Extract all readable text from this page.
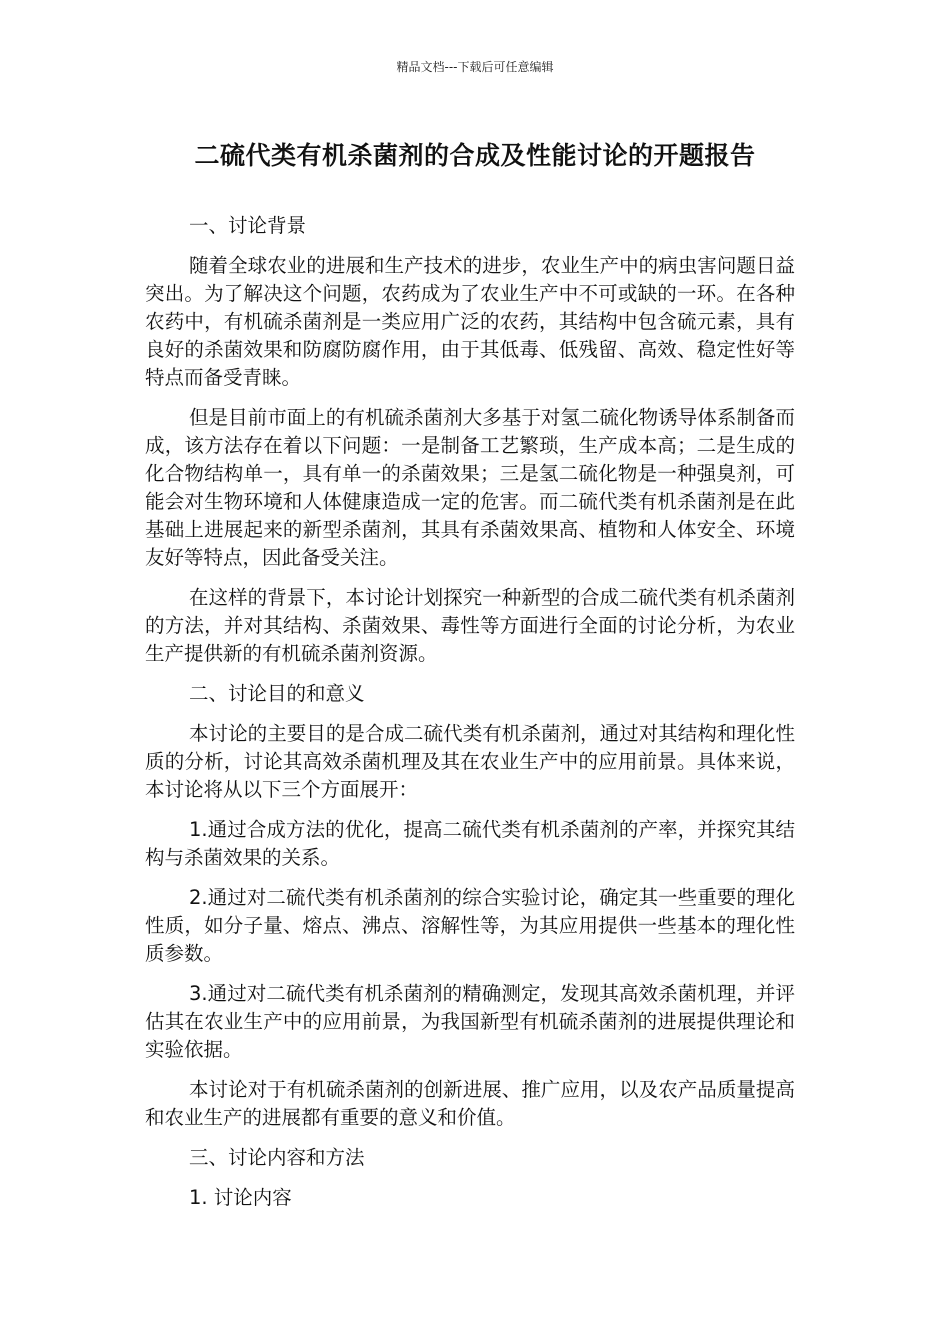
精品文档---下载后可任意编辑
二硫代类有机杀菌剂的合成及性能讨论的开题报告

一、讨论背景

随着全球农业的进展和生产技术的进步，农业生产中的病虫害问题日益突出。为了解决这个问题，农药成为了农业生产中不可或缺的一环。在各种农药中，有机硫杀菌剂是一类应用广泛的农药，其结构中包含硫元素，具有良好的杀菌效果和防腐防腐作用，由于其低毒、低残留、高效、稳定性好等特点而备受青睐。

但是目前市面上的有机硫杀菌剂大多基于对氢二硫化物诱导体系制备而成，该方法存在着以下问题：一是制备工艺繁琐，生产成本高；二是生成的化合物结构单一，具有单一的杀菌效果；三是氢二硫化物是一种强臭剂，可能会对生物环境和人体健康造成一定的危害。而二硫代类有机杀菌剂是在此基础上进展起来的新型杀菌剂，其具有杀菌效果高、植物和人体安全、环境友好等特点，因此备受关注。

在这样的背景下，本讨论计划探究一种新型的合成二硫代类有机杀菌剂的方法，并对其结构、杀菌效果、毒性等方面进行全面的讨论分析，为农业生产提供新的有机硫杀菌剂资源。

二、讨论目的和意义

本讨论的主要目的是合成二硫代类有机杀菌剂，通过对其结构和理化性质的分析，讨论其高效杀菌机理及其在农业生产中的应用前景。具体来说，本讨论将从以下三个方面展开：

1.通过合成方法的优化，提高二硫代类有机杀菌剂的产率，并探究其结构与杀菌效果的关系。

2.通过对二硫代类有机杀菌剂的综合实验讨论，确定其一些重要的理化性质，如分子量、熔点、沸点、溶解性等，为其应用提供一些基本的理化性质参数。

3.通过对二硫代类有机杀菌剂的精确测定，发现其高效杀菌机理，并评估其在农业生产中的应用前景，为我国新型有机硫杀菌剂的进展提供理论和实验依据。

本讨论对于有机硫杀菌剂的创新进展、推广应用，以及农产品质量提高和农业生产的进展都有重要的意义和价值。

三、讨论内容和方法

1. 讨论内容
